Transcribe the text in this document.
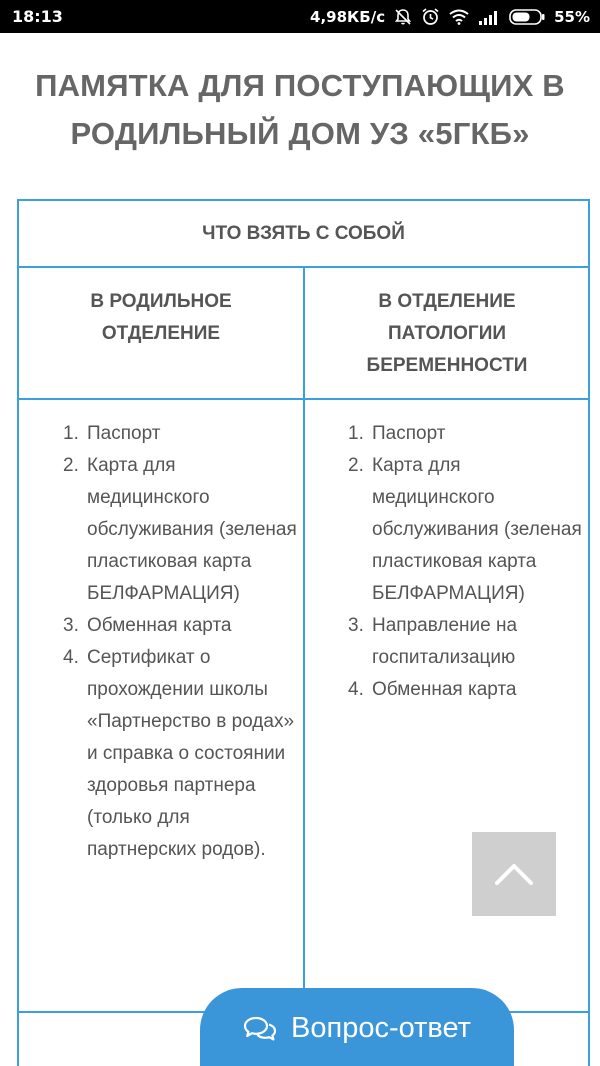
18:13	4,98КБ/с	55%
ПАМЯТКА ДЛЯ ПОСТУПАЮЩИХ В РОДИЛЬНЫЙ ДОМ УЗ «5ГКБ»
ЧТО ВЗЯТЬ С СОБОЙ
В РОДИЛЬНОЕ ОТДЕЛЕНИЕ
В ОТДЕЛЕНИЕ ПАТОЛОГИИ БЕРЕМЕННОСТИ
1. Паспорт
2. Карта для медицинского обслуживания (зеленая пластиковая карта БЕЛФАРМАЦИЯ)
3. Обменная карта
4. Сертификат о прохождении школы «Партнерство в родах» и справка о состоянии здоровья партнера (только для партнерских родов).
1. Паспорт
2. Карта для медицинского обслуживания (зеленая пластиковая карта БЕЛФАРМАЦИЯ)
3. Направление на госпитализацию
4. Обменная карта
Вопрос-ответ
